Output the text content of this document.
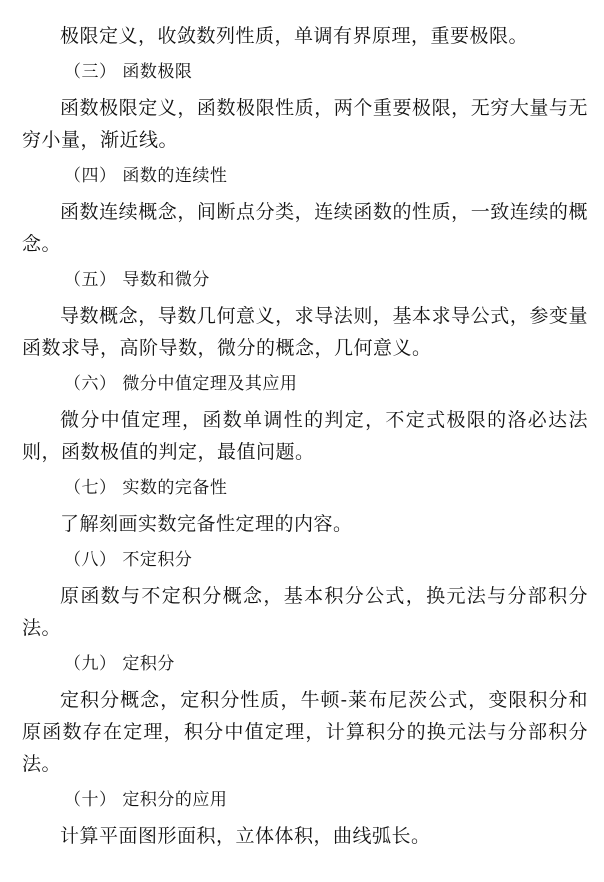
极限定义，收敛数列性质，单调有界原理，重要极限。

（三） 函数极限

函数极限定义，函数极限性质，两个重要极限，无穷大量与无穷小量，渐近线。

（四） 函数的连续性

函数连续概念，间断点分类，连续函数的性质，一致连续的概念。

（五） 导数和微分

导数概念，导数几何意义，求导法则，基本求导公式，参变量函数求导，高阶导数，微分的概念，几何意义。

（六） 微分中值定理及其应用

微分中值定理，函数单调性的判定，不定式极限的洛必达法则，函数极值的判定，最值问题。

（七） 实数的完备性

了解刻画实数完备性定理的内容。

（八） 不定积分

原函数与不定积分概念，基本积分公式，换元法与分部积分法。

（九） 定积分

定积分概念，定积分性质，牛顿-莱布尼茨公式，变限积分和原函数存在定理，积分中值定理，计算积分的换元法与分部积分法。

（十） 定积分的应用

计算平面图形面积，立体体积，曲线弧长。
